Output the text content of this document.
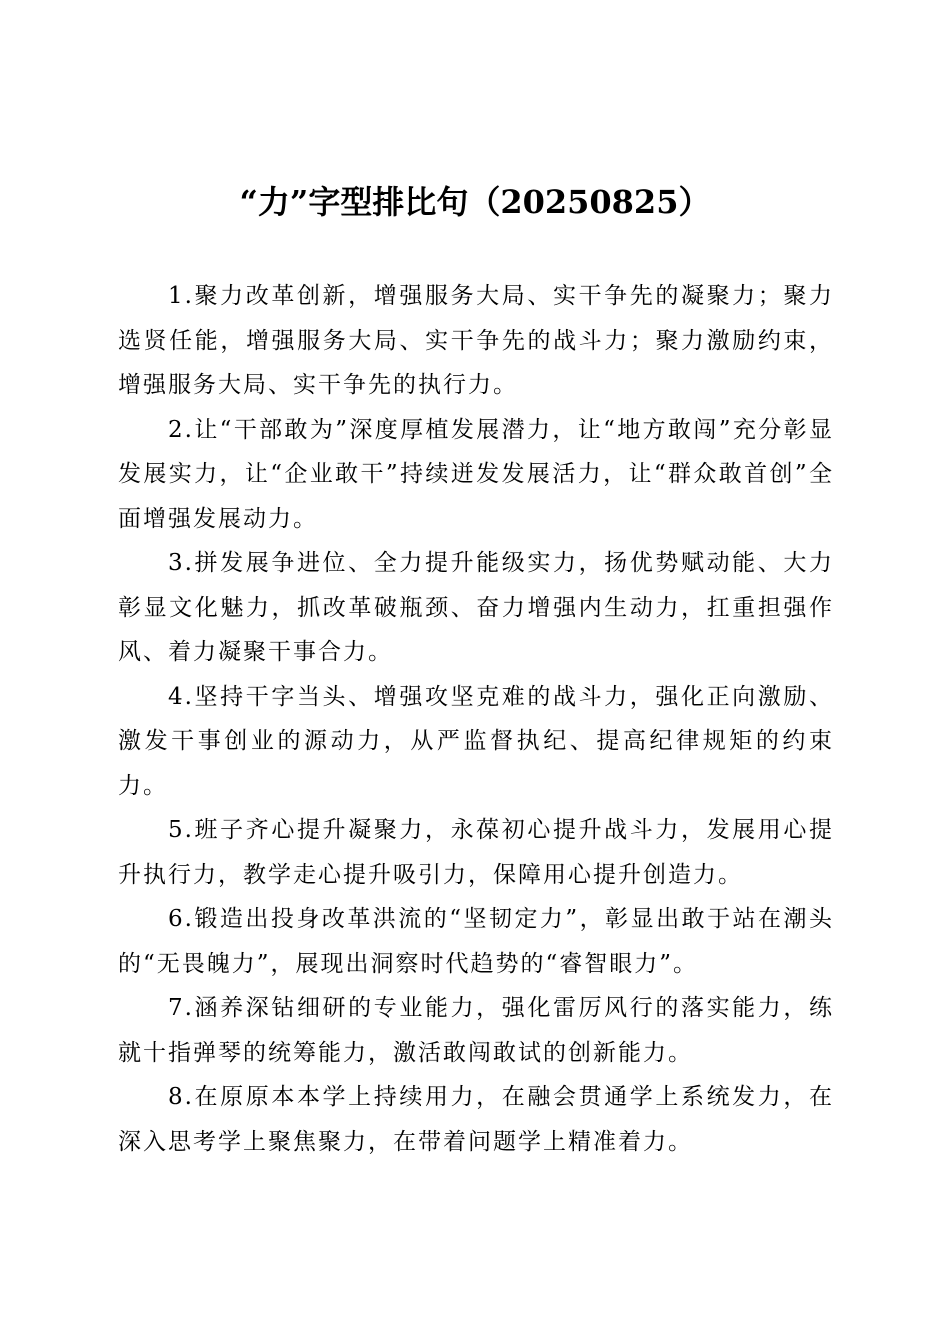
“力”字型排比句（20250825）

1.聚力改革创新，增强服务大局、实干争先的凝聚力；聚力选贤任能，增强服务大局、实干争先的战斗力；聚力激励约束，增强服务大局、实干争先的执行力。

2.让“干部敢为”深度厚植发展潜力，让“地方敢闯”充分彰显发展实力，让“企业敢干”持续迸发发展活力，让“群众敢首创”全面增强发展动力。

3.拼发展争进位、全力提升能级实力，扬优势赋动能、大力彰显文化魅力，抓改革破瓶颈、奋力增强内生动力，扛重担强作风、着力凝聚干事合力。

4.坚持干字当头、增强攻坚克难的战斗力，强化正向激励、激发干事创业的源动力，从严监督执纪、提高纪律规矩的约束力。

5.班子齐心提升凝聚力，永葆初心提升战斗力，发展用心提升执行力，教学走心提升吸引力，保障用心提升创造力。

6.锻造出投身改革洪流的“坚韧定力”，彰显出敢于站在潮头的“无畏魄力”，展现出洞察时代趋势的“睿智眼力”。

7.涵养深钻细研的专业能力，强化雷厉风行的落实能力，练就十指弹琴的统筹能力，激活敢闯敢试的创新能力。

8.在原原本本学上持续用力，在融会贯通学上系统发力，在深入思考学上聚焦聚力，在带着问题学上精准着力。
